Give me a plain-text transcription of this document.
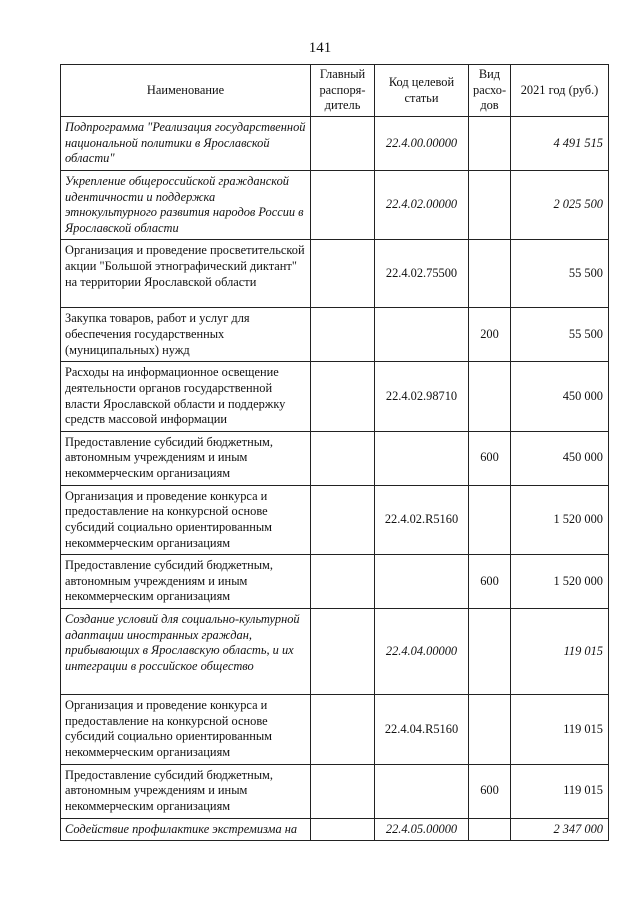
141
Наименование	Главный распоря-дитель	Код целевой статьи	Вид расхо-дов	2021 год (руб.)
Подпрограмма "Реализация государственной национальной политики в Ярославской области"		22.4.00.00000		4 491 515
Укрепление общероссийской гражданской идентичности и поддержка этнокультурного развития народов России в Ярославской области		22.4.02.00000		2 025 500
Организация и проведение просветительской акции "Большой этнографический диктант" на территории Ярославской области		22.4.02.75500		55 500
Закупка товаров, работ и услуг для обеспечения государственных (муниципальных) нужд			200	55 500
Расходы на информационное освещение деятельности органов государственной власти Ярославской области и поддержку средств массовой информации		22.4.02.98710		450 000
Предоставление субсидий бюджетным, автономным учреждениям и иным некоммерческим организациям			600	450 000
Организация и проведение конкурса и предоставление на конкурсной основе субсидий социально ориентированным некоммерческим организациям		22.4.02.R5160		1 520 000
Предоставление субсидий бюджетным, автономным учреждениям и иным некоммерческим организациям			600	1 520 000
Создание условий для социально-культурной адаптации иностранных граждан, прибывающих в Ярославскую область, и их интеграции в российское общество		22.4.04.00000		119 015
Организация и проведение конкурса и предоставление на конкурсной основе субсидий социально ориентированным некоммерческим организациям		22.4.04.R5160		119 015
Предоставление субсидий бюджетным, автономным учреждениям и иным некоммерческим организациям			600	119 015
Содействие профилактике экстремизма на		22.4.05.00000		2 347 000
